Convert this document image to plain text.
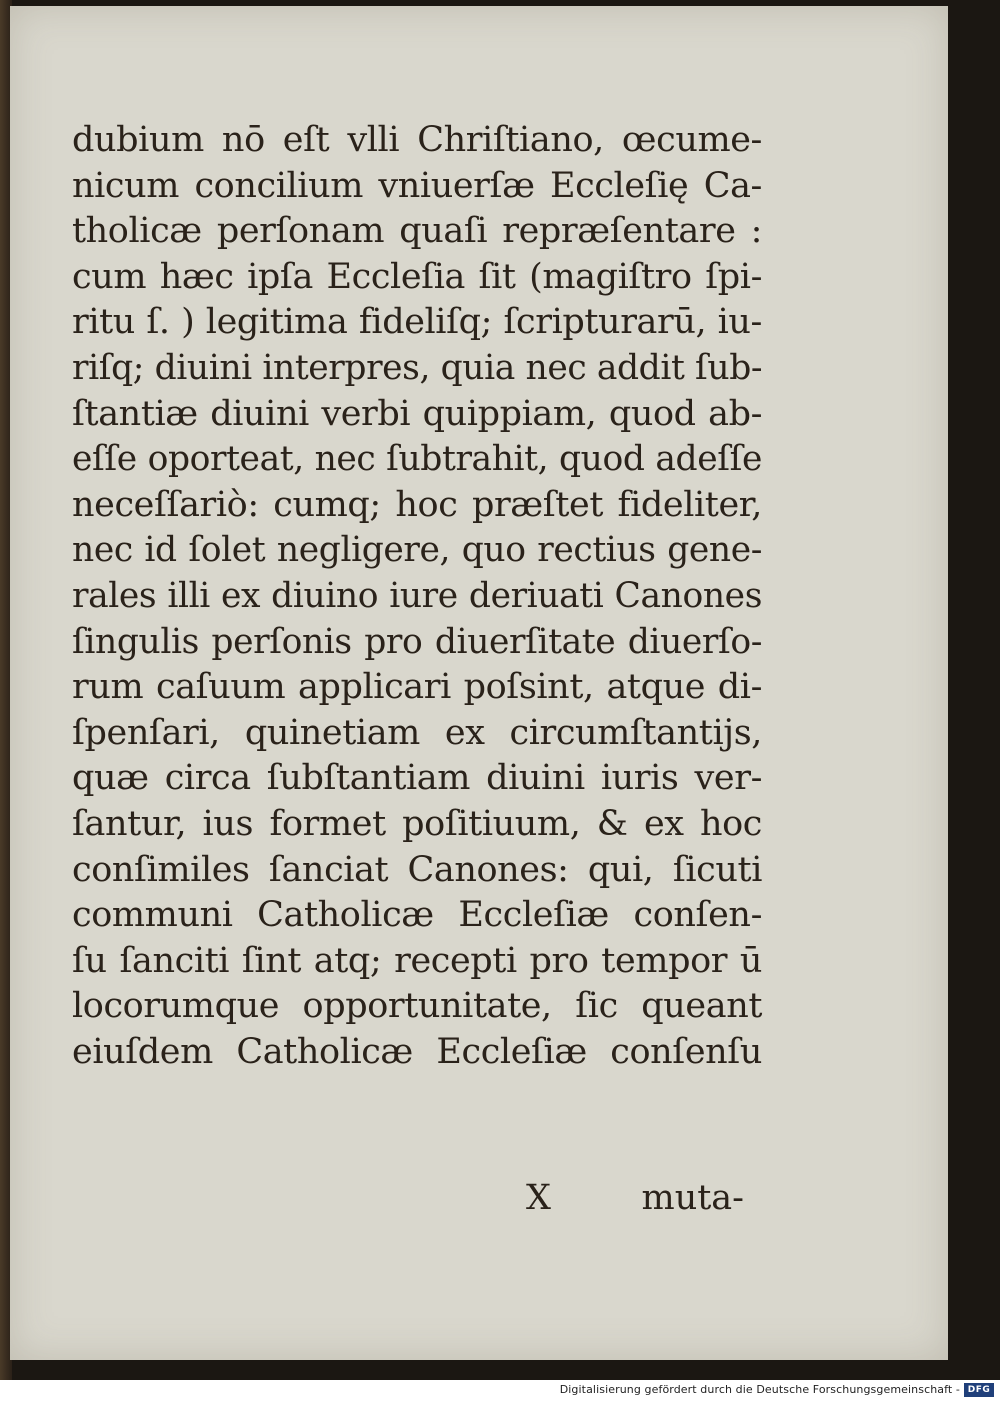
dubium nō eſt vlli Chriſtiano, œcume-
nicum concilium vniuerſæ Eccleſię Ca-
tholicæ perſonam quaſi repræſentare :
cum hæc ipſa Eccleſia ſit (magiſtro ſpi-
ritu ſ. ) legitima fideliſq; ſcripturarū, iu-
riſq; diuini interpres, quia nec addit ſub-
ſtantiæ diuini verbi quippiam, quod ab-
eſſe oporteat, nec ſubtrahit, quod adeſſe
neceſſariò: cumq; hoc præſtet fideliter,
nec id ſolet negligere, quo rectius gene-
rales illi ex diuino iure deriuati Canones
ſingulis perſonis pro diuerſitate diuerſo-
rum caſuum applicari poſsint, atque di-
ſpenſari, quinetiam ex circumſtantijs,
quæ circa ſubſtantiam diuini iuris ver-
ſantur, ius formet poſitiuum, & ex hoc
conſimiles ſanciat Canones: qui, ſicuti
communi Catholicæ Eccleſiæ conſen-
ſu ſanciti ſint atq; recepti pro tempor ū
locorumque opportunitate, ſic queant
eiuſdem Catholicæ Eccleſiæ conſenſu
X	muta-
Digitalisierung gefördert durch die Deutsche Forschungsgemeinschaft - DFG
